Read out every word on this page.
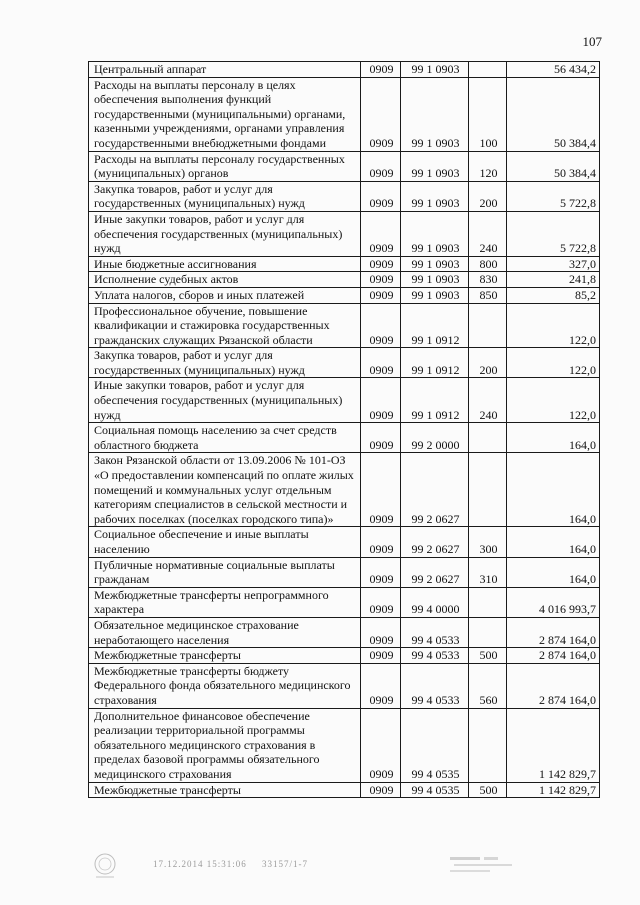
107
Центральный аппарат	0909	99 1 0903		56 434,2
Расходы на выплаты персоналу в целях обеспечения выполнения функций государственными (муниципальными) органами, казенными учреждениями, органами управления государственными внебюджетными фондами	0909	99 1 0903	100	50 384,4
Расходы на выплаты персоналу государственных (муниципальных) органов	0909	99 1 0903	120	50 384,4
Закупка товаров, работ и услуг для государственных (муниципальных) нужд	0909	99 1 0903	200	5 722,8
Иные закупки товаров, работ и услуг для обеспечения государственных (муниципальных) нужд	0909	99 1 0903	240	5 722,8
Иные бюджетные ассигнования	0909	99 1 0903	800	327,0
Исполнение судебных актов	0909	99 1 0903	830	241,8
Уплата налогов, сборов и иных платежей	0909	99 1 0903	850	85,2
Профессиональное обучение, повышение квалификации и стажировка государственных гражданских служащих Рязанской области	0909	99 1 0912		122,0
Закупка товаров, работ и услуг для государственных (муниципальных) нужд	0909	99 1 0912	200	122,0
Иные закупки товаров, работ и услуг для обеспечения государственных (муниципальных) нужд	0909	99 1 0912	240	122,0
Социальная помощь населению за счет средств областного бюджета	0909	99 2 0000		164,0
Закон Рязанской области от 13.09.2006 № 101-ОЗ «О предоставлении компенсаций по оплате жилых помещений и коммунальных услуг отдельным категориям специалистов в сельской местности и рабочих поселках (поселках городского типа)»	0909	99 2 0627		164,0
Социальное обеспечение и иные выплаты населению	0909	99 2 0627	300	164,0
Публичные нормативные социальные выплаты гражданам	0909	99 2 0627	310	164,0
Межбюджетные трансферты непрограммного характера	0909	99 4 0000		4 016 993,7
Обязательное медицинское страхование неработающего населения	0909	99 4 0533		2 874 164,0
Межбюджетные трансферты	0909	99 4 0533	500	2 874 164,0
Межбюджетные трансферты бюджету Федерального фонда обязательного медицинского страхования	0909	99 4 0533	560	2 874 164,0
Дополнительное финансовое обеспечение реализации территориальной программы обязательного медицинского страхования в пределах базовой программы обязательного медицинского страхования	0909	99 4 0535		1 142 829,7
Межбюджетные трансферты	0909	99 4 0535	500	1 142 829,7
17.12.2014 15:31:06 33157/1-7
